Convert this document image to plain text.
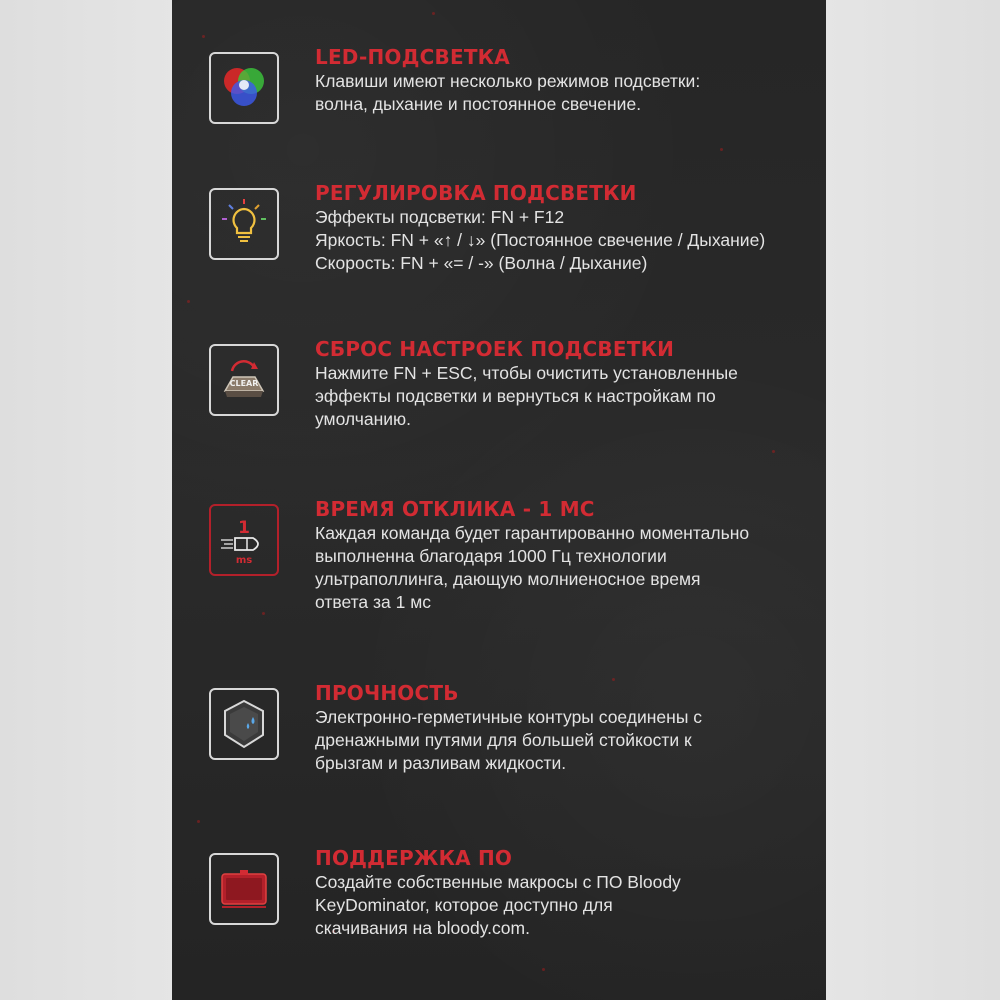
LED-ПОДСВЕТКА
Клавиши имеют несколько режимов подсветки:
волна, дыхание и постоянное свечение.
РЕГУЛИРОВКА ПОДСВЕТКИ
Эффекты подсветки: FN + F12
Яркость: FN + «↑ / ↓» (Постоянное свечение / Дыхание)
Скорость: FN + «= / -» (Волна / Дыхание)
CLEAR
СБРОС НАСТРОЕК ПОДСВЕТКИ
Нажмите FN + ESC, чтобы очистить установленные
эффекты подсветки и вернуться к настройкам по
умолчанию.
1
ms
ВРЕМЯ ОТКЛИКА - 1 МС
Каждая команда будет гарантированно моментально
выполненна благодаря 1000 Гц технологии
ультраполлинга, дающую молниеносное время
ответа за 1 мс
ПРОЧНОСТЬ
Электронно-герметичные контуры соединены с
дренажными путями для большей стойкости к
брызгам и разливам жидкости.
ПОДДЕРЖКА ПО
Создайте собственные макросы с ПО Bloody
KeyDominator, которое доступно для
скачивания на bloody.com.
